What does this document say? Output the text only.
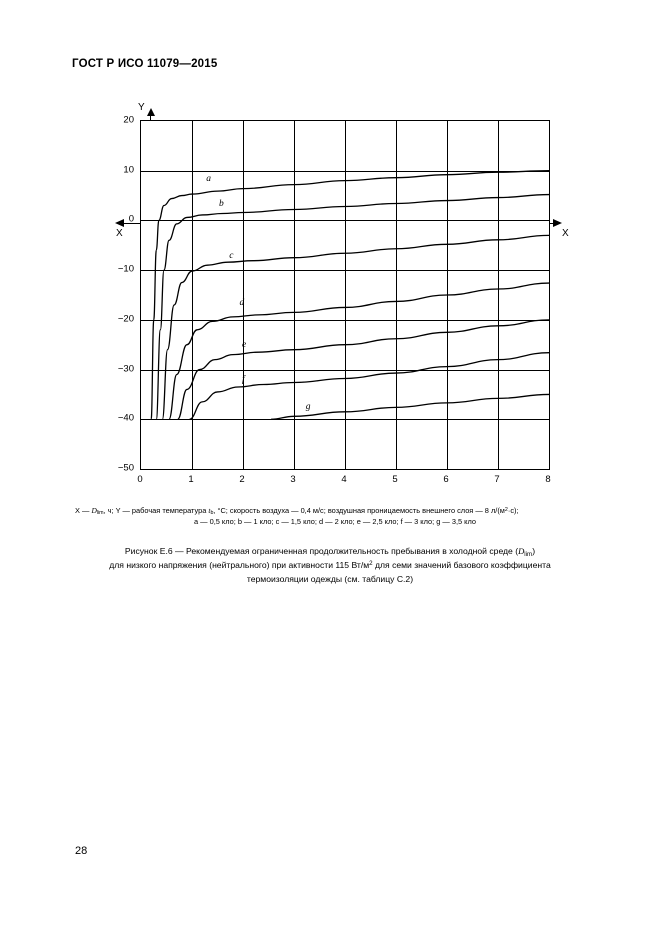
ГОСТ Р ИСО 11079—2015
Y
X
X
20
10
0
−10
−20
−30
−40
−50
0	1	2	3	4	5	6	7	8
a
b
c
d
e
f
g
X — $D_{lim}$, ч; Y — рабочая температура $t_b$, °C; скорость воздуха — 0,4 м/с; воздушная проницаемость внешнего слоя — 8 $л/(м^2\cdot с)$;
a — 0,5 кло; b — 1 кло; c — 1,5 кло; d — 2 кло; e — 2,5 кло; f — 3 кло; g — 3,5 кло
Рисунок Е.6 — Рекомендуемая ограниченная продолжительность пребывания в холодной среде $(D_{lim})$
для низкого напряжения (нейтрального) при активности 115 $Вт/м^2$ для семи значений базового коэффициента
термоизоляции одежды (см. таблицу С.2)
28
